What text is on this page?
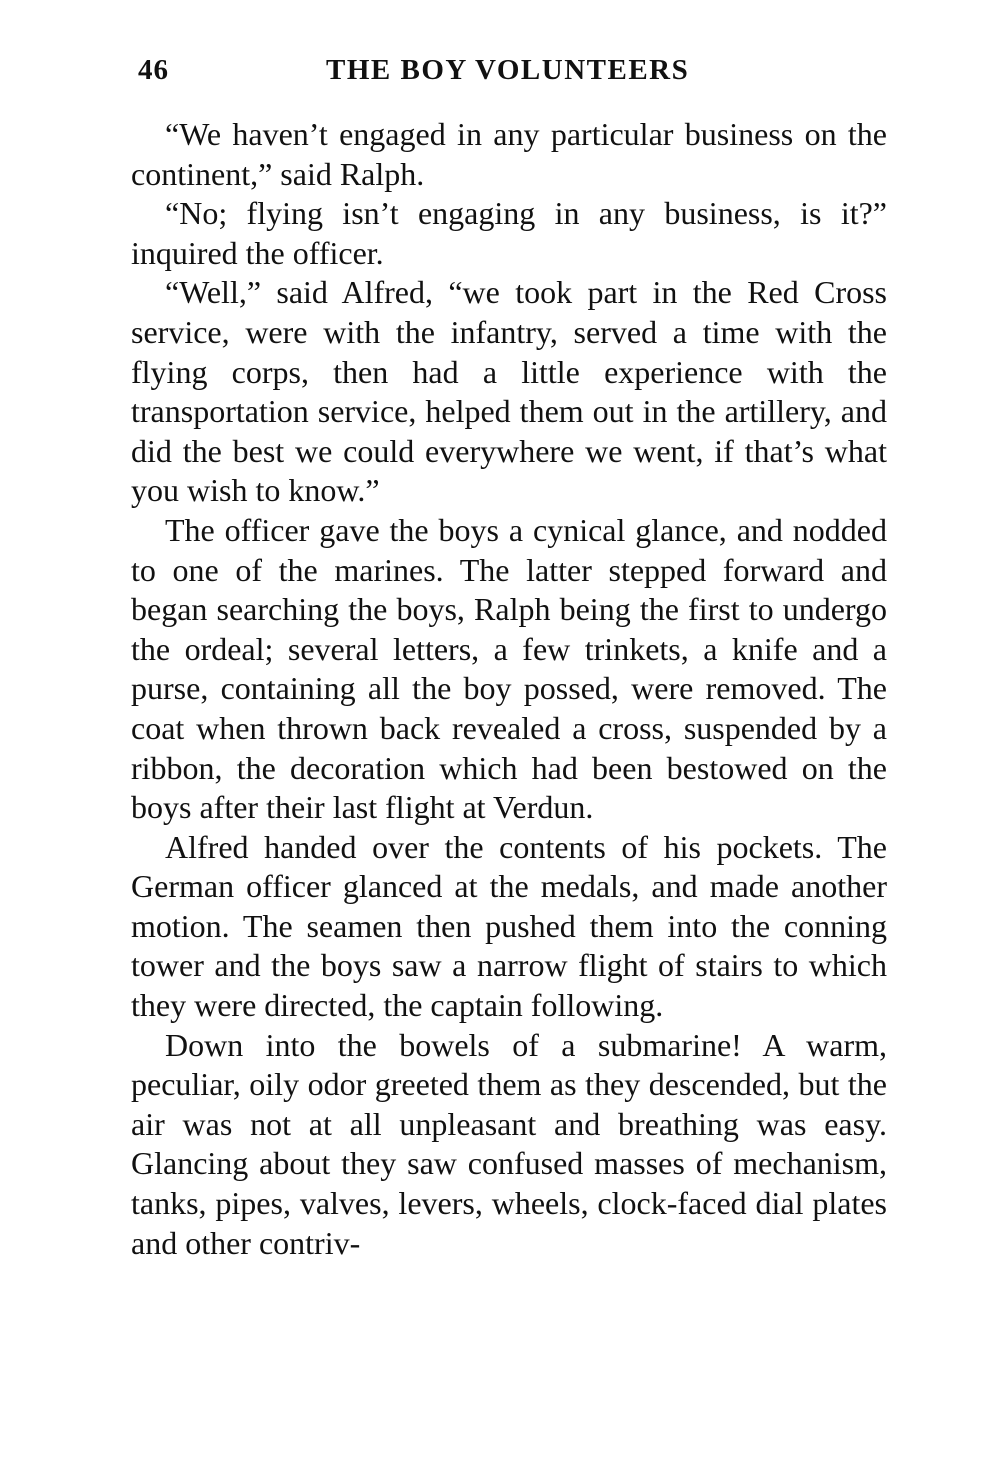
46	THE BOY VOLUNTEERS

“We haven’t engaged in any particular business on the continent,” said Ralph.

“No; flying isn’t engaging in any business, is it?” inquired the officer.

“Well,” said Alfred, “we took part in the Red Cross service, were with the infantry, served a time with the flying corps, then had a little experience with the transportation service, helped them out in the artillery, and did the best we could everywhere we went, if that’s what you wish to know.”

The officer gave the boys a cynical glance, and nodded to one of the marines. The latter stepped forward and began searching the boys, Ralph being the first to undergo the ordeal; several letters, a few trinkets, a knife and a purse, containing all the boy possed, were removed. The coat when thrown back revealed a cross, suspended by a ribbon, the decoration which had been bestowed on the boys after their last flight at Verdun.

Alfred handed over the contents of his pockets. The German officer glanced at the medals, and made another motion. The seamen then pushed them into the conning tower and the boys saw a narrow flight of stairs to which they were directed, the captain following.

Down into the bowels of a submarine! A warm, peculiar, oily odor greeted them as they descended, but the air was not at all unpleasant and breathing was easy. Glancing about they saw confused masses of mechanism, tanks, pipes, valves, levers, wheels, clock-faced dial plates and other contriv-
